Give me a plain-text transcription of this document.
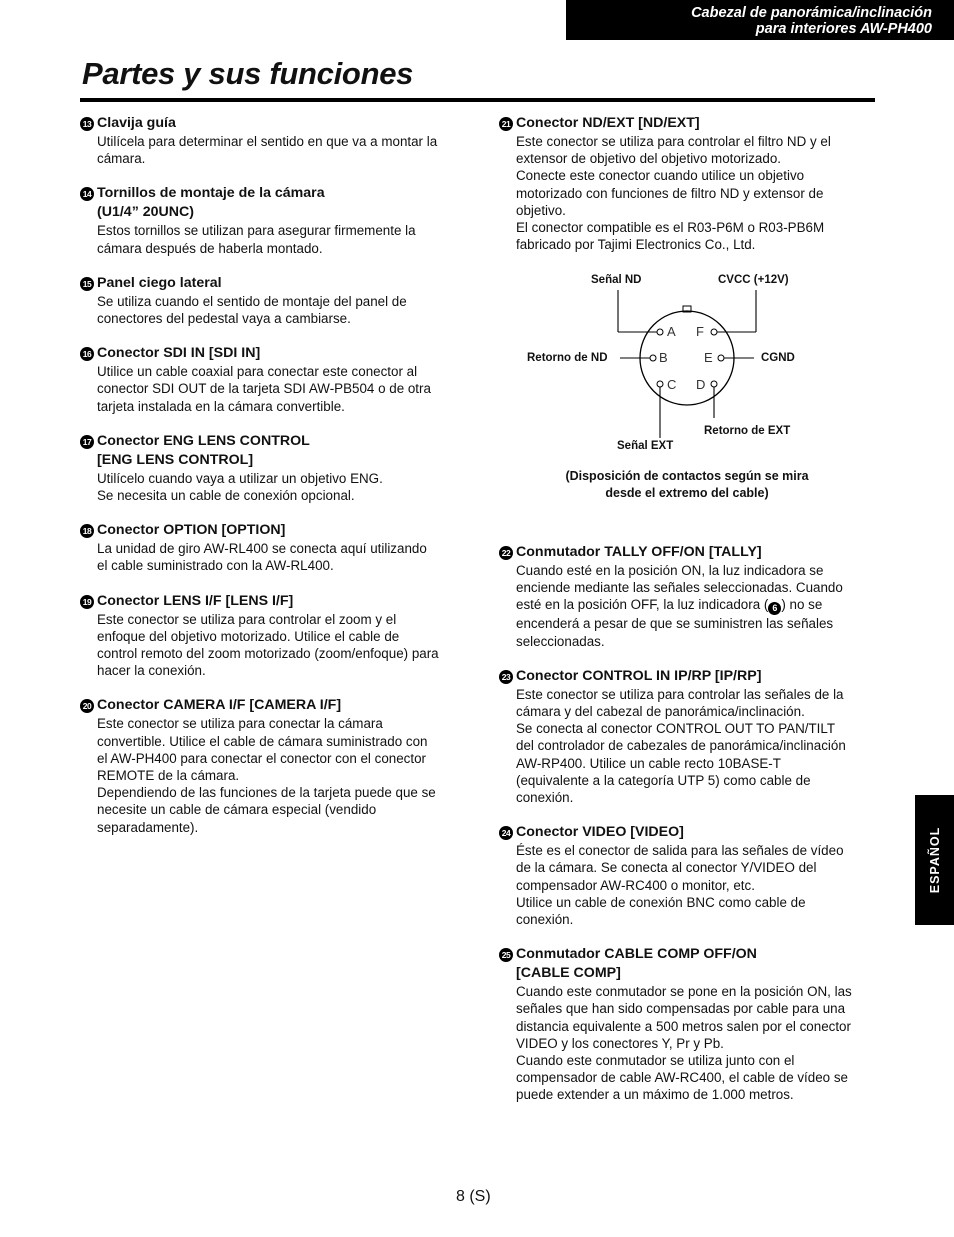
Cabezal de panorámica/inclinación
para interiores AW-PH400
Partes y sus funciones
13 Clavija guía
Utilícela para determinar el sentido en que va a montar la
cámara.
14 Tornillos de montaje de la cámara
(U1/4” 20UNC)
Estos tornillos se utilizan para asegurar firmemente la
cámara después de haberla montado.
15 Panel ciego lateral
Se utiliza cuando el sentido de montaje del panel de
conectores del pedestal vaya a cambiarse.
16 Conector SDI IN [SDI IN]
Utilice un cable coaxial para conectar este conector al
conector SDI OUT de la tarjeta SDI AW-PB504 o de otra
tarjeta instalada en la cámara convertible.
17 Conector ENG LENS CONTROL
[ENG LENS CONTROL]
Utilícelo cuando vaya a utilizar un objetivo ENG.
Se necesita un cable de conexión opcional.
18 Conector OPTION [OPTION]
La unidad de giro AW-RL400 se conecta aquí utilizando
el cable suministrado con la AW-RL400.
19 Conector LENS I/F [LENS I/F]
Este conector se utiliza para controlar el zoom y el
enfoque del objetivo motorizado. Utilice el cable de
control remoto del zoom motorizado (zoom/enfoque) para
hacer la conexión.
20 Conector CAMERA I/F [CAMERA I/F]
Este conector se utiliza para conectar la cámara
convertible. Utilice el cable de cámara suministrado con
el AW-PH400 para conectar el conector con el conector
REMOTE de la cámara.
Dependiendo de las funciones de la tarjeta puede que se
necesite un cable de cámara especial (vendido
separadamente).
21 Conector ND/EXT [ND/EXT]
Este conector se utiliza para controlar el filtro ND y el
extensor de objetivo del objetivo motorizado.
Conecte este conector cuando utilice un objetivo
motorizado con funciones de filtro ND y extensor de
objetivo.
El conector compatible es el R03-P6M o R03-PB6M
fabricado por Tajimi Electronics Co., Ltd.
A
B
C D
E
F
Señal ND	CVCC (+12V)
Retorno de ND	CGND
Retorno de EXT
Señal EXT
(Disposición de contactos según se mira
desde el extremo del cable)
22 Conmutador TALLY OFF/ON [TALLY]
Cuando esté en la posición ON, la luz indicadora se
enciende mediante las señales seleccionadas. Cuando
esté en la posición OFF, la luz indicadora ( 6 ) no se
encenderá a pesar de que se suministren las señales
seleccionadas.
23 Conector CONTROL IN IP/RP [IP/RP]
Este conector se utiliza para controlar las señales de la
cámara y del cabezal de panorámica/inclinación.
Se conecta al conector CONTROL OUT TO PAN/TILT
del controlador de cabezales de panorámica/inclinación
AW-RP400. Utilice un cable recto 10BASE-T
(equivalente a la categoría UTP 5) como cable de
conexión.
24 Conector VIDEO [VIDEO]
Éste es el conector de salida para las señales de vídeo
de la cámara. Se conecta al conector Y/VIDEO del
compensador AW-RC400 o monitor, etc.
Utilice un cable de conexión BNC como cable de
conexión.
25 Conmutador CABLE COMP OFF/ON
[CABLE COMP]
Cuando este conmutador se pone en la posición ON, las
señales que han sido compensadas por cable para una
distancia equivalente a 500 metros salen por el conector
VIDEO y los conectores Y, Pr y Pb.
Cuando este conmutador se utiliza junto con el
compensador de cable AW-RC400, el cable de vídeo se
puede extender a un máximo de 1.000 metros.
ESPAÑOL
8 (S)
